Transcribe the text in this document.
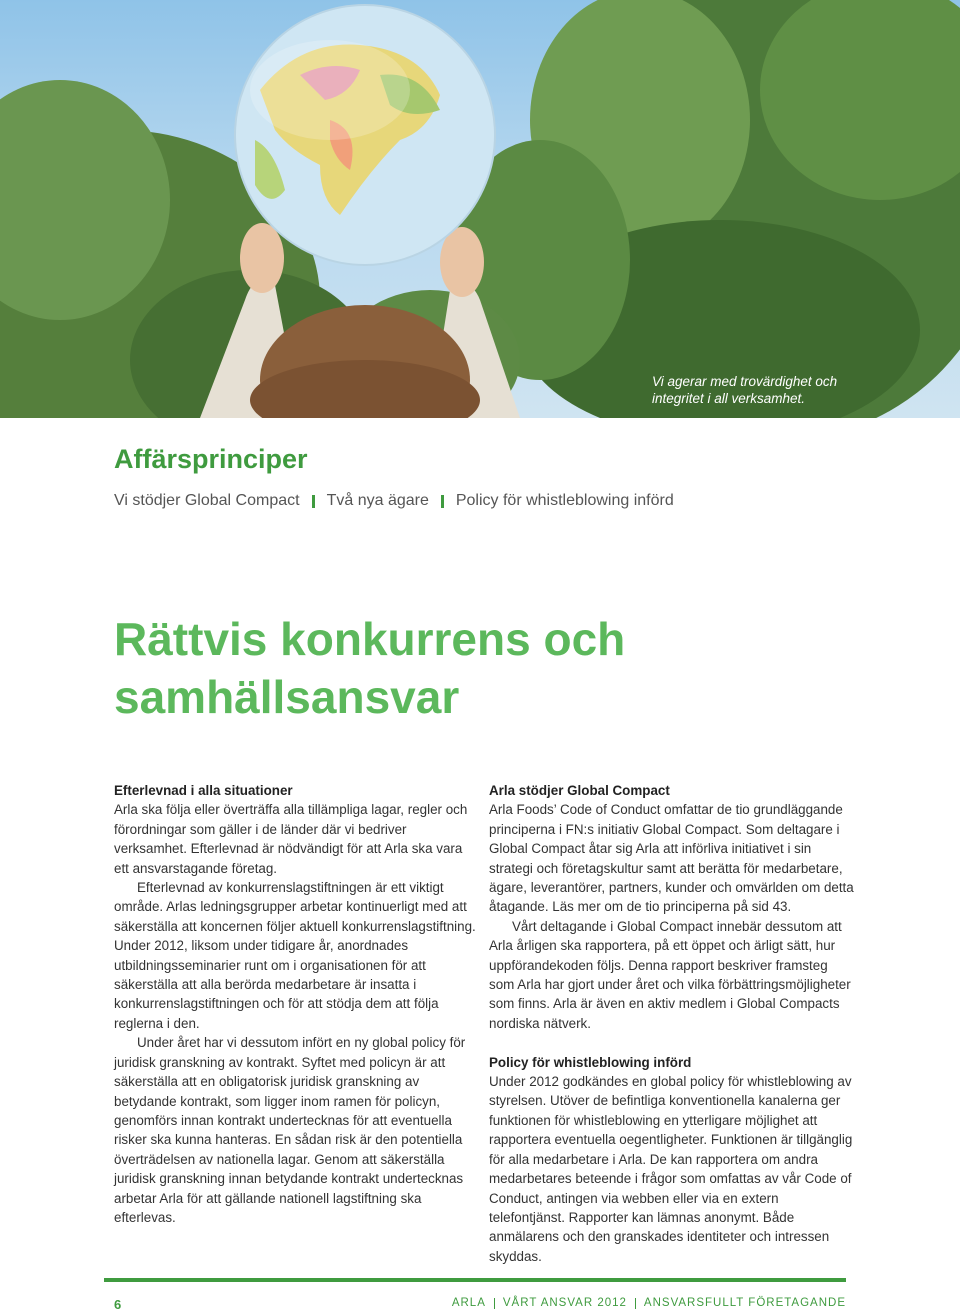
Vi agerar med trovärdighet och
integritet i all verksamhet.
Affärsprinciper
Vi stödjer Global Compact Två nya ägare Policy för whistleblowing införd
Rättvis konkurrens och
samhällsansvar
Efterlevnad i alla situationer

Arla ska följa eller överträffa alla tillämpliga lagar, regler och förordningar som gäller i de länder där vi bedriver verksamhet. Efterlevnad är nödvändigt för att Arla ska vara ett ansvarstagande företag.

Efterlevnad av konkurrenslagstiftningen är ett viktigt område. Arlas ledningsgrupper arbetar kontinuerligt med att säkerställa att koncernen följer aktuell konkurrenslagstiftning. Under 2012, liksom under tidigare år, anordnades utbildningsseminarier runt om i organisationen för att säkerställa att alla berörda medarbetare är insatta i konkurrenslagstiftningen och för att stödja dem att följa reglerna i den.

Under året har vi dessutom infört en ny global policy för juridisk granskning av kontrakt. Syftet med policyn är att säkerställa att en obligatorisk juridisk granskning av betydande kontrakt, som ligger inom ramen för policyn, genomförs innan kontrakt undertecknas för att eventuella risker ska kunna hanteras. En sådan risk är den potentiella överträdelsen av nationella lagar. Genom att säkerställa juridisk granskning innan betydande kontrakt undertecknas arbetar Arla för att gällande nationell lagstiftning ska efterlevas.

Arla stödjer Global Compact

Arla Foods’ Code of Conduct omfattar de tio grundläggande principerna i FN:s initiativ Global Compact. Som deltagare i Global Compact åtar sig Arla att införliva initiativet i sin strategi och företagskultur samt att berätta för medarbetare, ägare, leverantörer, partners, kunder och omvärlden om detta åtagande. Läs mer om de tio principerna på sid 43.

Vårt deltagande i Global Compact innebär dessutom att Arla årligen ska rapportera, på ett öppet och ärligt sätt, hur uppförandekoden följs. Denna rapport beskriver framsteg som Arla har gjort under året och vilka förbättringsmöjligheter som finns. Arla är även en aktiv medlem i Global Compacts nordiska nätverk.

Policy för whistleblowing införd

Under 2012 godkändes en global policy för whistleblowing av styrelsen. Utöver de befintliga konventionella kanalerna ger funktionen för whistleblowing en ytterligare möjlighet att rapportera eventuella oegentligheter. Funktionen är tillgänglig för alla medarbetare i Arla. De kan rapportera om andra medarbetares beteende i frågor som omfattas av vår Code of Conduct, antingen via webben eller via en extern telefontjänst. Rapporter kan lämnas anonymt. Både anmälarens och den granskades identiteter och intressen skyddas.

6	ARLA VÅRT ANSVAR 2012 ANSVARSFULLT FÖRETAGANDE
